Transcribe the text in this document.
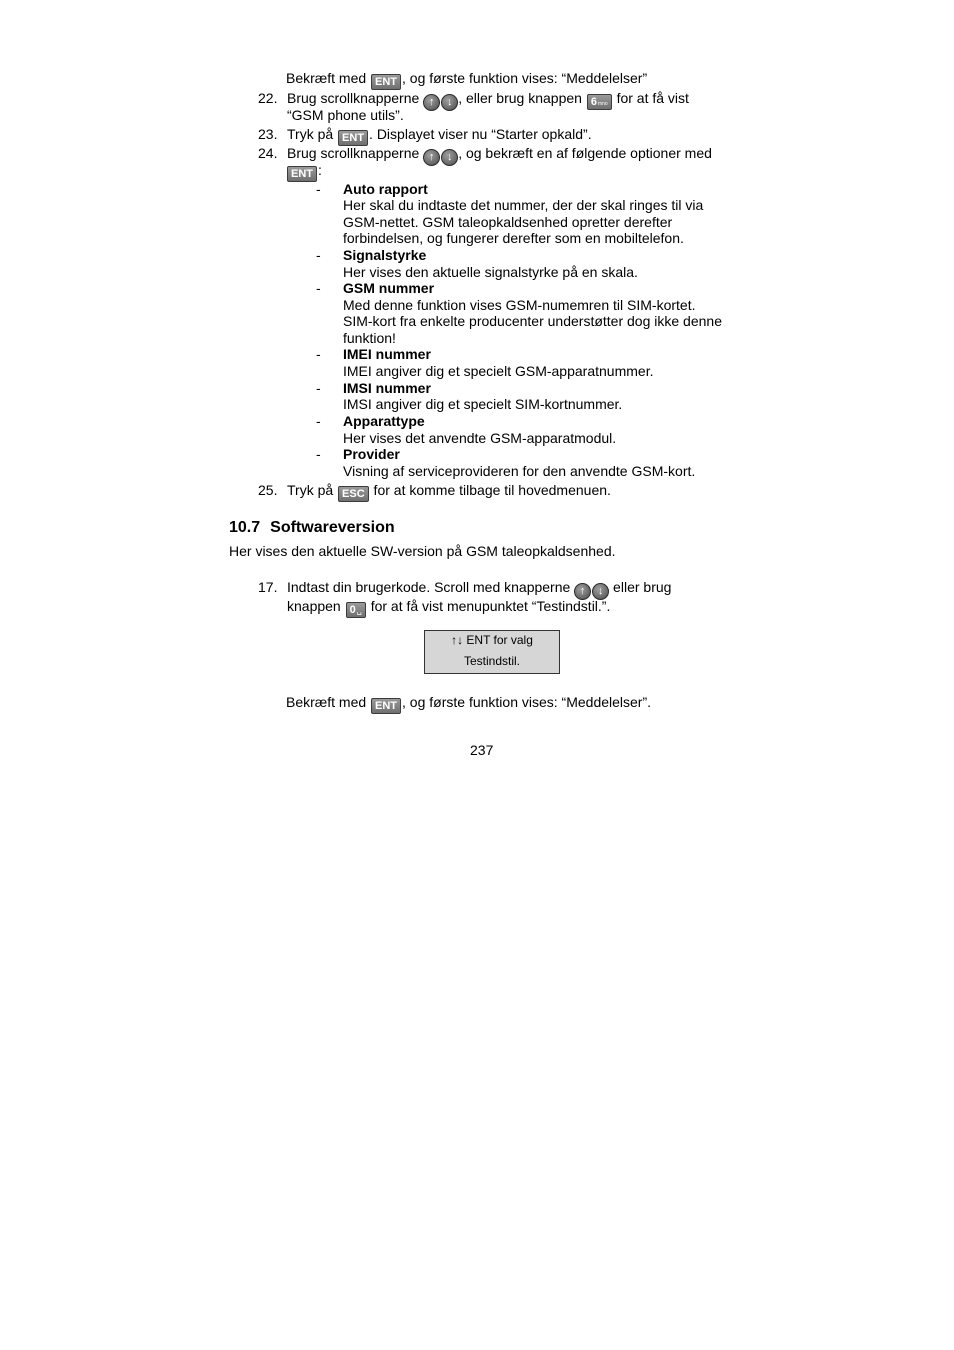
Bekræft med ENT , og første funktion vises: “Meddelelser”
22. Brug scrollknapperne ↑ ↓ , eller brug knappen 6mno for at få vist
“GSM phone utils”.
23. Tryk på ENT . Displayet viser nu “Starter opkald”.
24. Brug scrollknapperne ↑ ↓ , og bekræft en af følgende optioner med
ENT :
- Auto rapport
Her skal du indtaste det nummer, der der skal ringes til via
GSM-nettet. GSM taleopkaldsenhed opretter derefter
forbindelsen, og fungerer derefter som en mobiltelefon.
- Signalstyrke
Her vises den aktuelle signalstyrke på en skala.
- GSM nummer
Med denne funktion vises GSM-numemren til SIM-kortet.
SIM-kort fra enkelte producenter understøtter dog ikke denne
funktion!
- IMEI nummer
IMEI angiver dig et specielt GSM-apparatnummer.
- IMSI nummer
IMSI angiver dig et specielt SIM-kortnummer.
- Apparattype
Her vises det anvendte GSM-apparatmodul.
- Provider
Visning af serviceprovideren for den anvendte GSM-kort.
25. Tryk på ESC for at komme tilbage til hovedmenuen.
10.7 Softwareversion
Her vises den aktuelle SW-version på GSM taleopkaldsenhed.
17. Indtast din brugerkode. Scroll med knapperne ↑ ↓ eller brug
knappen 0␣ for at få vist menupunktet “Testindstil.”.
↑↓ ENT for valg
Testindstil.
Bekræft med ENT , og første funktion vises: “Meddelelser”.
237
